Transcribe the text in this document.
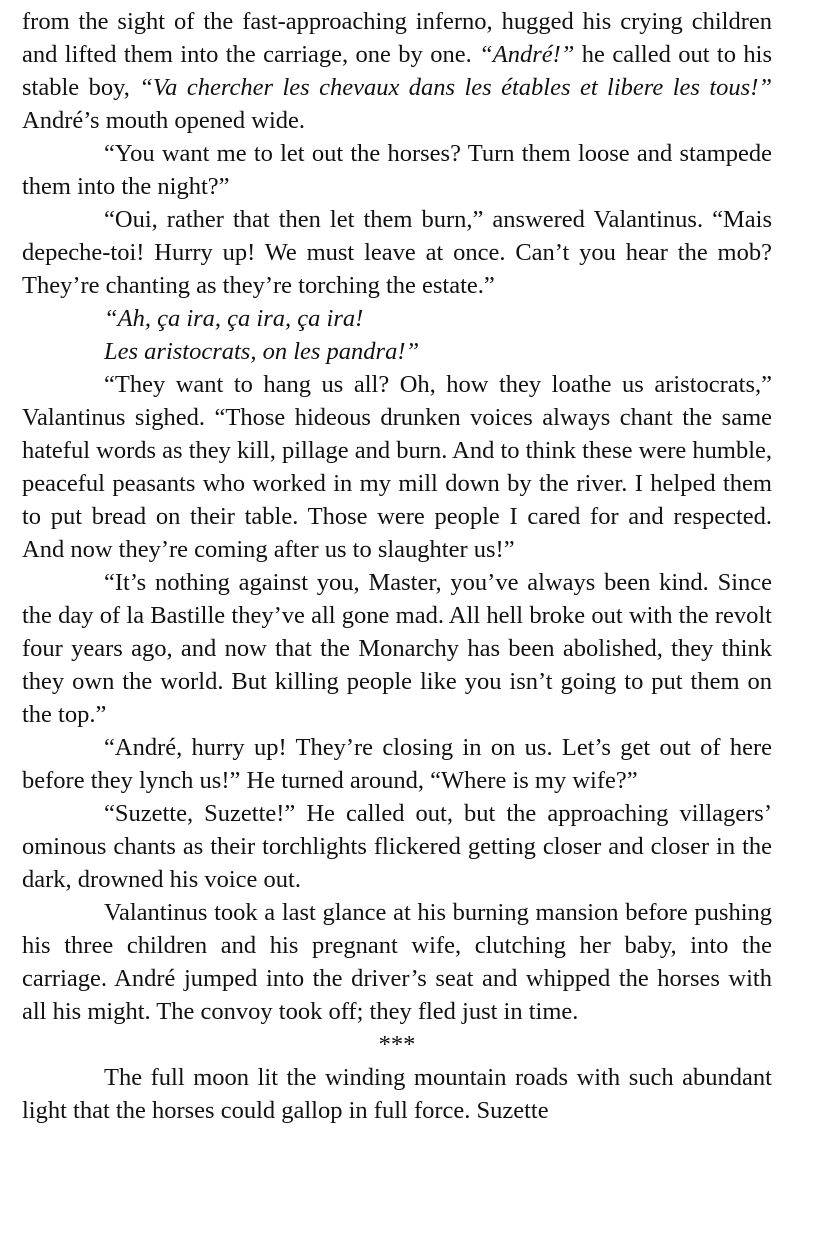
from the sight of the fast-approaching inferno, hugged his crying children and lifted them into the carriage, one by one. “André!” he called out to his stable boy, “Va chercher les chevaux dans les étables et libere les tous!” André’s mouth opened wide.

“You want me to let out the horses? Turn them loose and stampede them into the night?”

“Oui, rather that then let them burn,” answered Valantinus. “Mais depeche-toi! Hurry up! We must leave at once. Can’t you hear the mob? They’re chanting as they’re torching the estate.”

“Ah, ça ira, ça ira, ça ira!

Les aristocrats, on les pandra!”

“They want to hang us all? Oh, how they loathe us aristocrats,” Valantinus sighed. “Those hideous drunken voices always chant the same hateful words as they kill, pillage and burn. And to think these were humble, peaceful peasants who worked in my mill down by the river. I helped them to put bread on their table. Those were people I cared for and respected. And now they’re coming after us to slaughter us!”

“It’s nothing against you, Master, you’ve always been kind. Since the day of la Bastille they’ve all gone mad. All hell broke out with the revolt four years ago, and now that the Monarchy has been abolished, they think they own the world. But killing people like you isn’t going to put them on the top.”

“André, hurry up! They’re closing in on us. Let’s get out of here before they lynch us!” He turned around, “Where is my wife?”

“Suzette, Suzette!” He called out, but the approaching villagers’ ominous chants as their torchlights flickered getting closer and closer in the dark, drowned his voice out.

Valantinus took a last glance at his burning mansion before pushing his three children and his pregnant wife, clutching her baby, into the carriage. André jumped into the driver’s seat and whipped the horses with all his might. The convoy took off; they fled just in time.

***

The full moon lit the winding mountain roads with such abundant light that the horses could gallop in full force. Suzette
